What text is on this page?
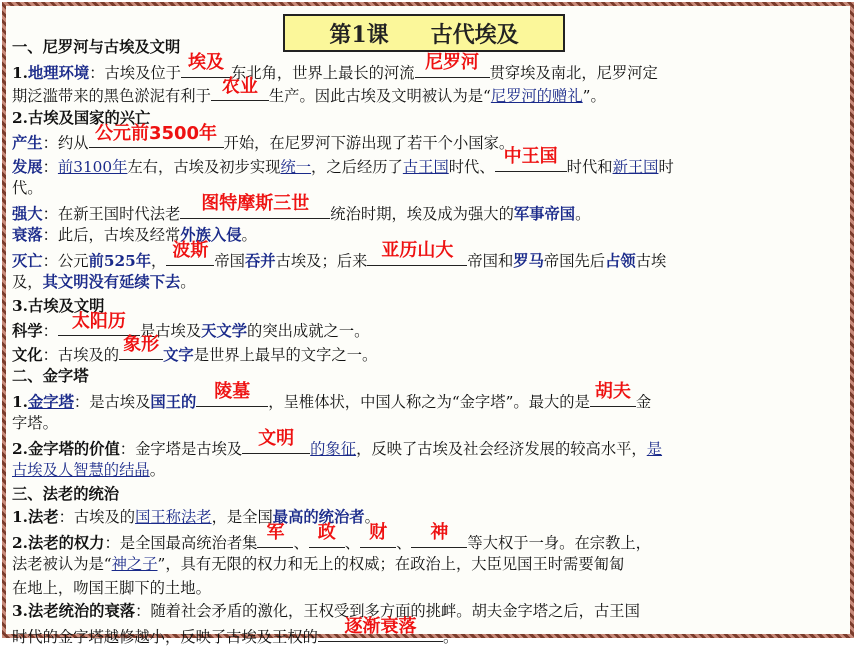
第1课 古代埃及
一、尼罗河与古埃及文明
1.地理环境：古埃及位于 埃及 东北角，世界上最长的河流 尼罗河 贯穿埃及南北，尼罗河定
期泛滥带来的黑色淤泥有利于 农业 生产。因此古埃及文明被认为是“尼罗河的赠礼”。
2.古埃及国家的兴亡
产生：约从 公元前3500年 开始，在尼罗河下游出现了若干个小国家。
发展：前3100年左右，古埃及初步实现统一，之后经历了古王国时代、 中王国 时代和新王国时
代。
强大：在新王国时代法老	图特摩斯三世	统治时期，埃及成为强大的军事帝国。
衰落：此后，古埃及经常外族入侵。
灭亡：公元前525年， 波斯 帝国吞并古埃及；后来 亚历山大 帝国和罗马帝国先后占领古埃
及，其文明没有延续下去。
3.古埃及文明
科学： 太阳历 是古埃及天文学的突出成就之一。
文化：古埃及的 象形 文字是世界上最早的文字之一。
二、金字塔
1.金字塔：是古埃及国王的	陵墓	，呈椎体状，中国人称之为“金字塔”。最大的是 胡夫 金
字塔。
2.金字塔的价值：金字塔是古埃及 文明	的象征，反映了古埃及社会经济发展的较高水平，是
古埃及人智慧的结晶。
三、法老的统治
1.法老：古埃及的国王称法老，是全国最高的统治者。
2.法老的权力：是全国最高统治者集 军 、 政 、 财 、	神	等大权于一身。在宗教上，
法老被认为是“神之子”，具有无限的权力和无上的权威；在政治上，大臣见国王时需要匍匐
在地上，吻国王脚下的土地。
3.法老统治的衰落：随着社会矛盾的激化，王权受到多方面的挑衅。胡夫金字塔之后，古王国
时代的金字塔越修越小，反映了古埃及王权的	逐渐衰落	。
